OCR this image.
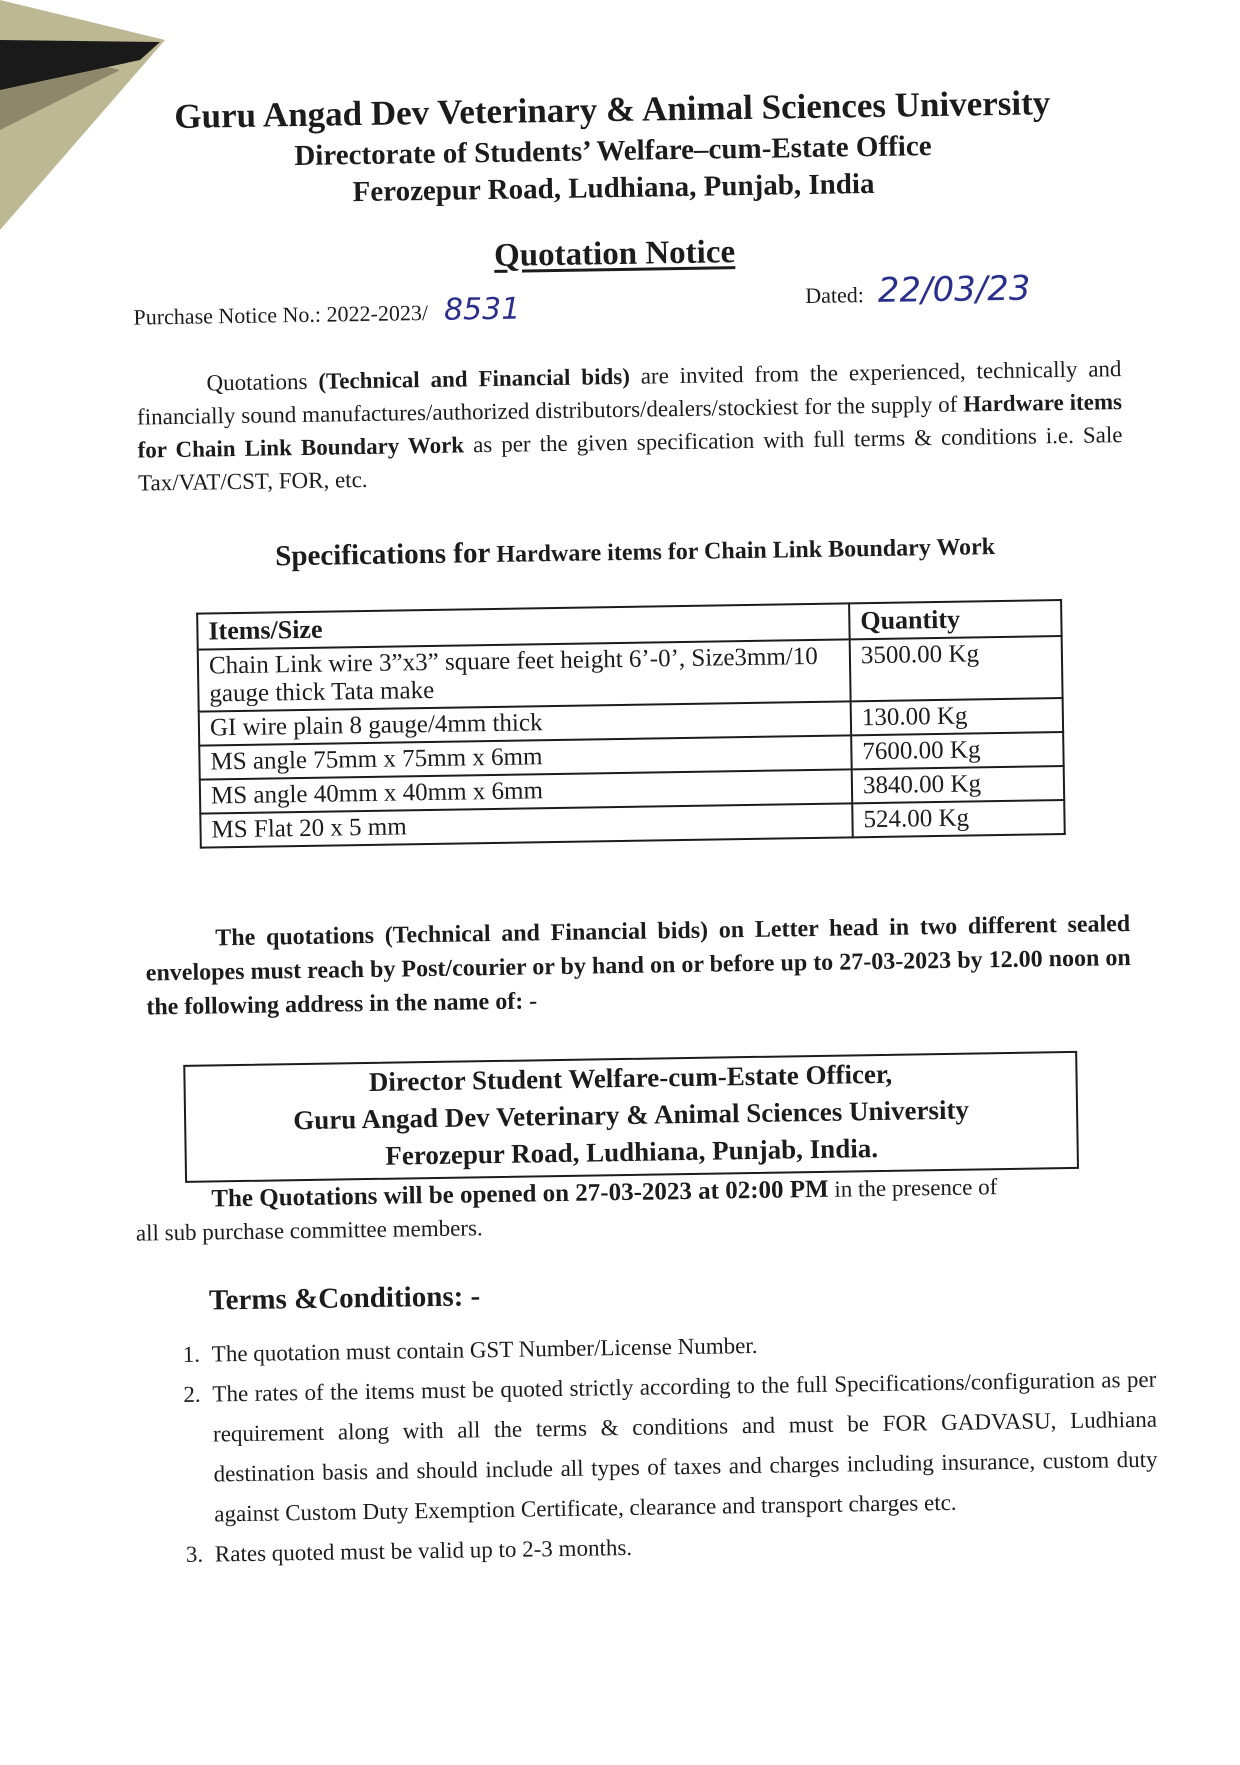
Guru Angad Dev Veterinary & Animal Sciences University
Directorate of Students’ Welfare–cum-Estate Office
Ferozepur Road, Ludhiana, Punjab, India
Quotation Notice
Purchase Notice No.: 2022-2023/ 8531	Dated: 22/03/23
Quotations (Technical and Financial bids) are invited from the experienced, technically and financially sound manufactures/authorized distributors/dealers/stockiest for the supply of Hardware items for Chain Link Boundary Work as per the given specification with full terms & conditions i.e. Sale Tax/VAT/CST, FOR, etc.
Specifications for Hardware items for Chain Link Boundary Work
Items/Size	Quantity
Chain Link wire 3”x3” square feet height 6’-0’, Size3mm/10 gauge thick Tata make	3500.00 Kg
GI wire plain 8 gauge/4mm thick	130.00 Kg
MS angle 75mm x 75mm x 6mm	7600.00 Kg
MS angle 40mm x 40mm x 6mm	3840.00 Kg
MS Flat 20 x 5 mm	524.00 Kg
The quotations (Technical and Financial bids) on Letter head in two different sealed envelopes must reach by Post/courier or by hand on or before up to 27-03-2023 by 12.00 noon on the following address in the name of: -
Director Student Welfare-cum-Estate Officer,
Guru Angad Dev Veterinary & Animal Sciences University
Ferozepur Road, Ludhiana, Punjab, India.
The Quotations will be opened on 27-03-2023 at 02:00 PM in the presence of
all sub purchase committee members.
Terms &Conditions: -
1. The quotation must contain GST Number/License Number.
2. The rates of the items must be quoted strictly according to the full Specifications/configuration as per requirement along with all the terms & conditions and must be FOR GADVASU, Ludhiana destination basis and should include all types of taxes and charges including insurance, custom duty against Custom Duty Exemption Certificate, clearance and transport charges etc.
3. Rates quoted must be valid up to 2-3 months.
